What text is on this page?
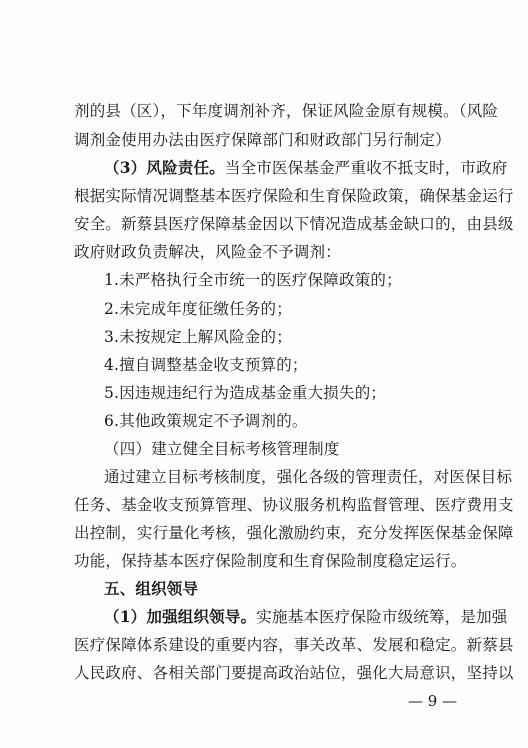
剂的县（区），下年度调剂补齐，保证风险金原有规模。（风险
调剂金使用办法由医疗保障部门和财政部门另行制定）
（3）风险责任。当全市医保基金严重收不抵支时，市政府
根据实际情况调整基本医疗保险和生育保险政策，确保基金运行
安全。新蔡县医疗保障基金因以下情况造成基金缺口的，由县级
政府财政负责解决，风险金不予调剂：
1.未严格执行全市统一的医疗保障政策的；
2.未完成年度征缴任务的；
3.未按规定上解风险金的；
4.擅自调整基金收支预算的；
5.因违规违纪行为造成基金重大损失的；
6.其他政策规定不予调剂的。
（四）建立健全目标考核管理制度
通过建立目标考核制度，强化各级的管理责任，对医保目标
任务、基金收支预算管理、协议服务机构监督管理、医疗费用支
出控制，实行量化考核，强化激励约束，充分发挥医保基金保障
功能，保持基本医疗保险制度和生育保险制度稳定运行。
五、组织领导
（1）加强组织领导。实施基本医疗保险市级统筹，是加强
医疗保障体系建设的重要内容，事关改革、发展和稳定。新蔡县
人民政府、各相关部门要提高政治站位，强化大局意识，坚持以
— 9 —
